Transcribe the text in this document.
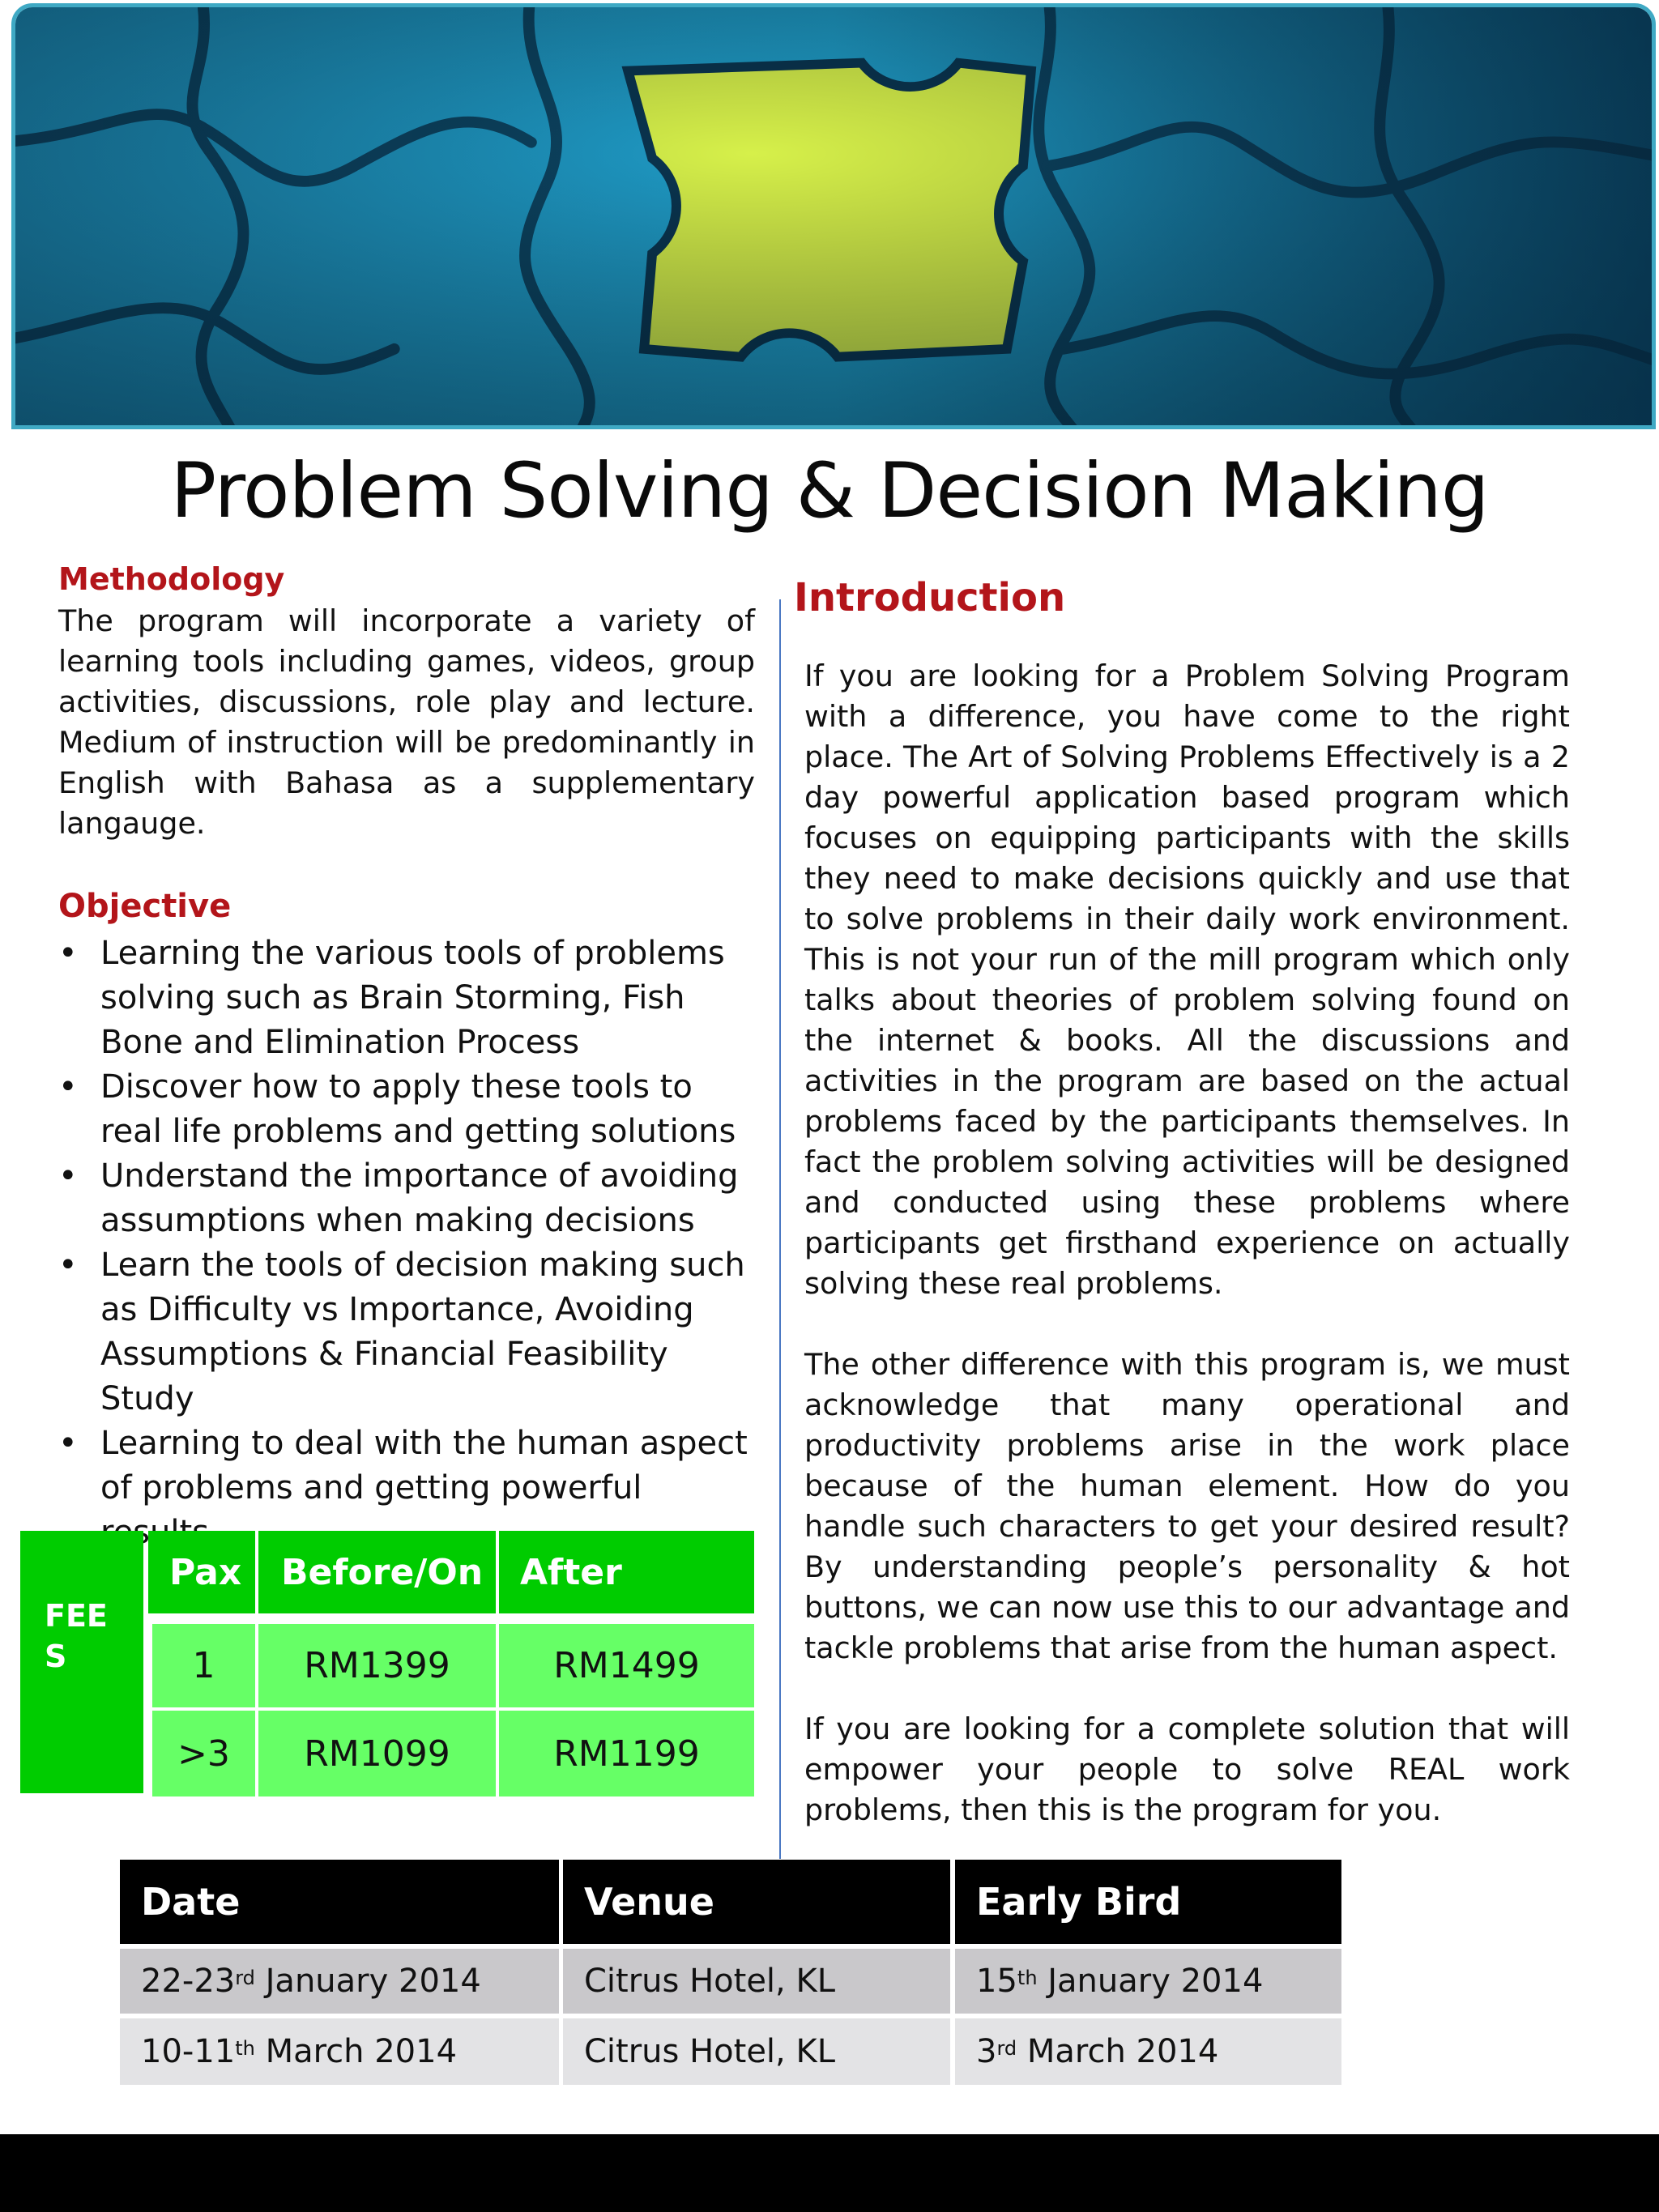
Problem Solving & Decision Making
Methodology
The program will incorporate a variety of learning tools including games, videos, group activities, discussions, role play and lecture. Medium of instruction will be predominantly in English with Bahasa as a supplementary langauge.
Objective
• Learning the various tools of problems solving such as Brain Storming, Fish Bone and Elimination Process
• Discover how to apply these tools to real life problems and getting solutions
• Understand the importance of avoiding assumptions when making decisions
• Learn the tools of decision making such as Difficulty vs Importance, Avoiding Assumptions & Financial Feasibility Study
• Learning to deal with the human aspect of problems and getting powerful
Introduction

If you are looking for a Problem Solving Program with a difference, you have come to the right place. The Art of Solving Problems Effectively is a 2 day powerful application based program which focuses on equipping participants with the skills they need to make decisions quickly and use that to solve problems in their daily work environment. This is not your run of the mill program which only talks about theories of problem solving found on the internet & books. All the discussions and activities in the program are based on the actual problems faced by the participants themselves. In fact the problem solving activities will be designed and conducted using these problems where participants get firsthand experience on actually solving these real problems.

The other difference with this program is, we must acknowledge that many operational and productivity problems arise in the work place because of the human element. How do you handle such characters to get your desired result? By understanding people’s personality & hot buttons, we can now use this to our advantage and tackle problems that arise from the human aspect.

If you are looking for a complete solution that will empower your people to solve REAL work problems, then this is the program for you.

FEE
S
Pax	Before/On	After
1	RM1399	RM1499
>3	RM1099	RM1199
Date	Venue	Early Bird
22-23rd January 2014	Citrus Hotel, KL	15th January 2014
10-11th March 2014	Citrus Hotel, KL	3rd March 2014
